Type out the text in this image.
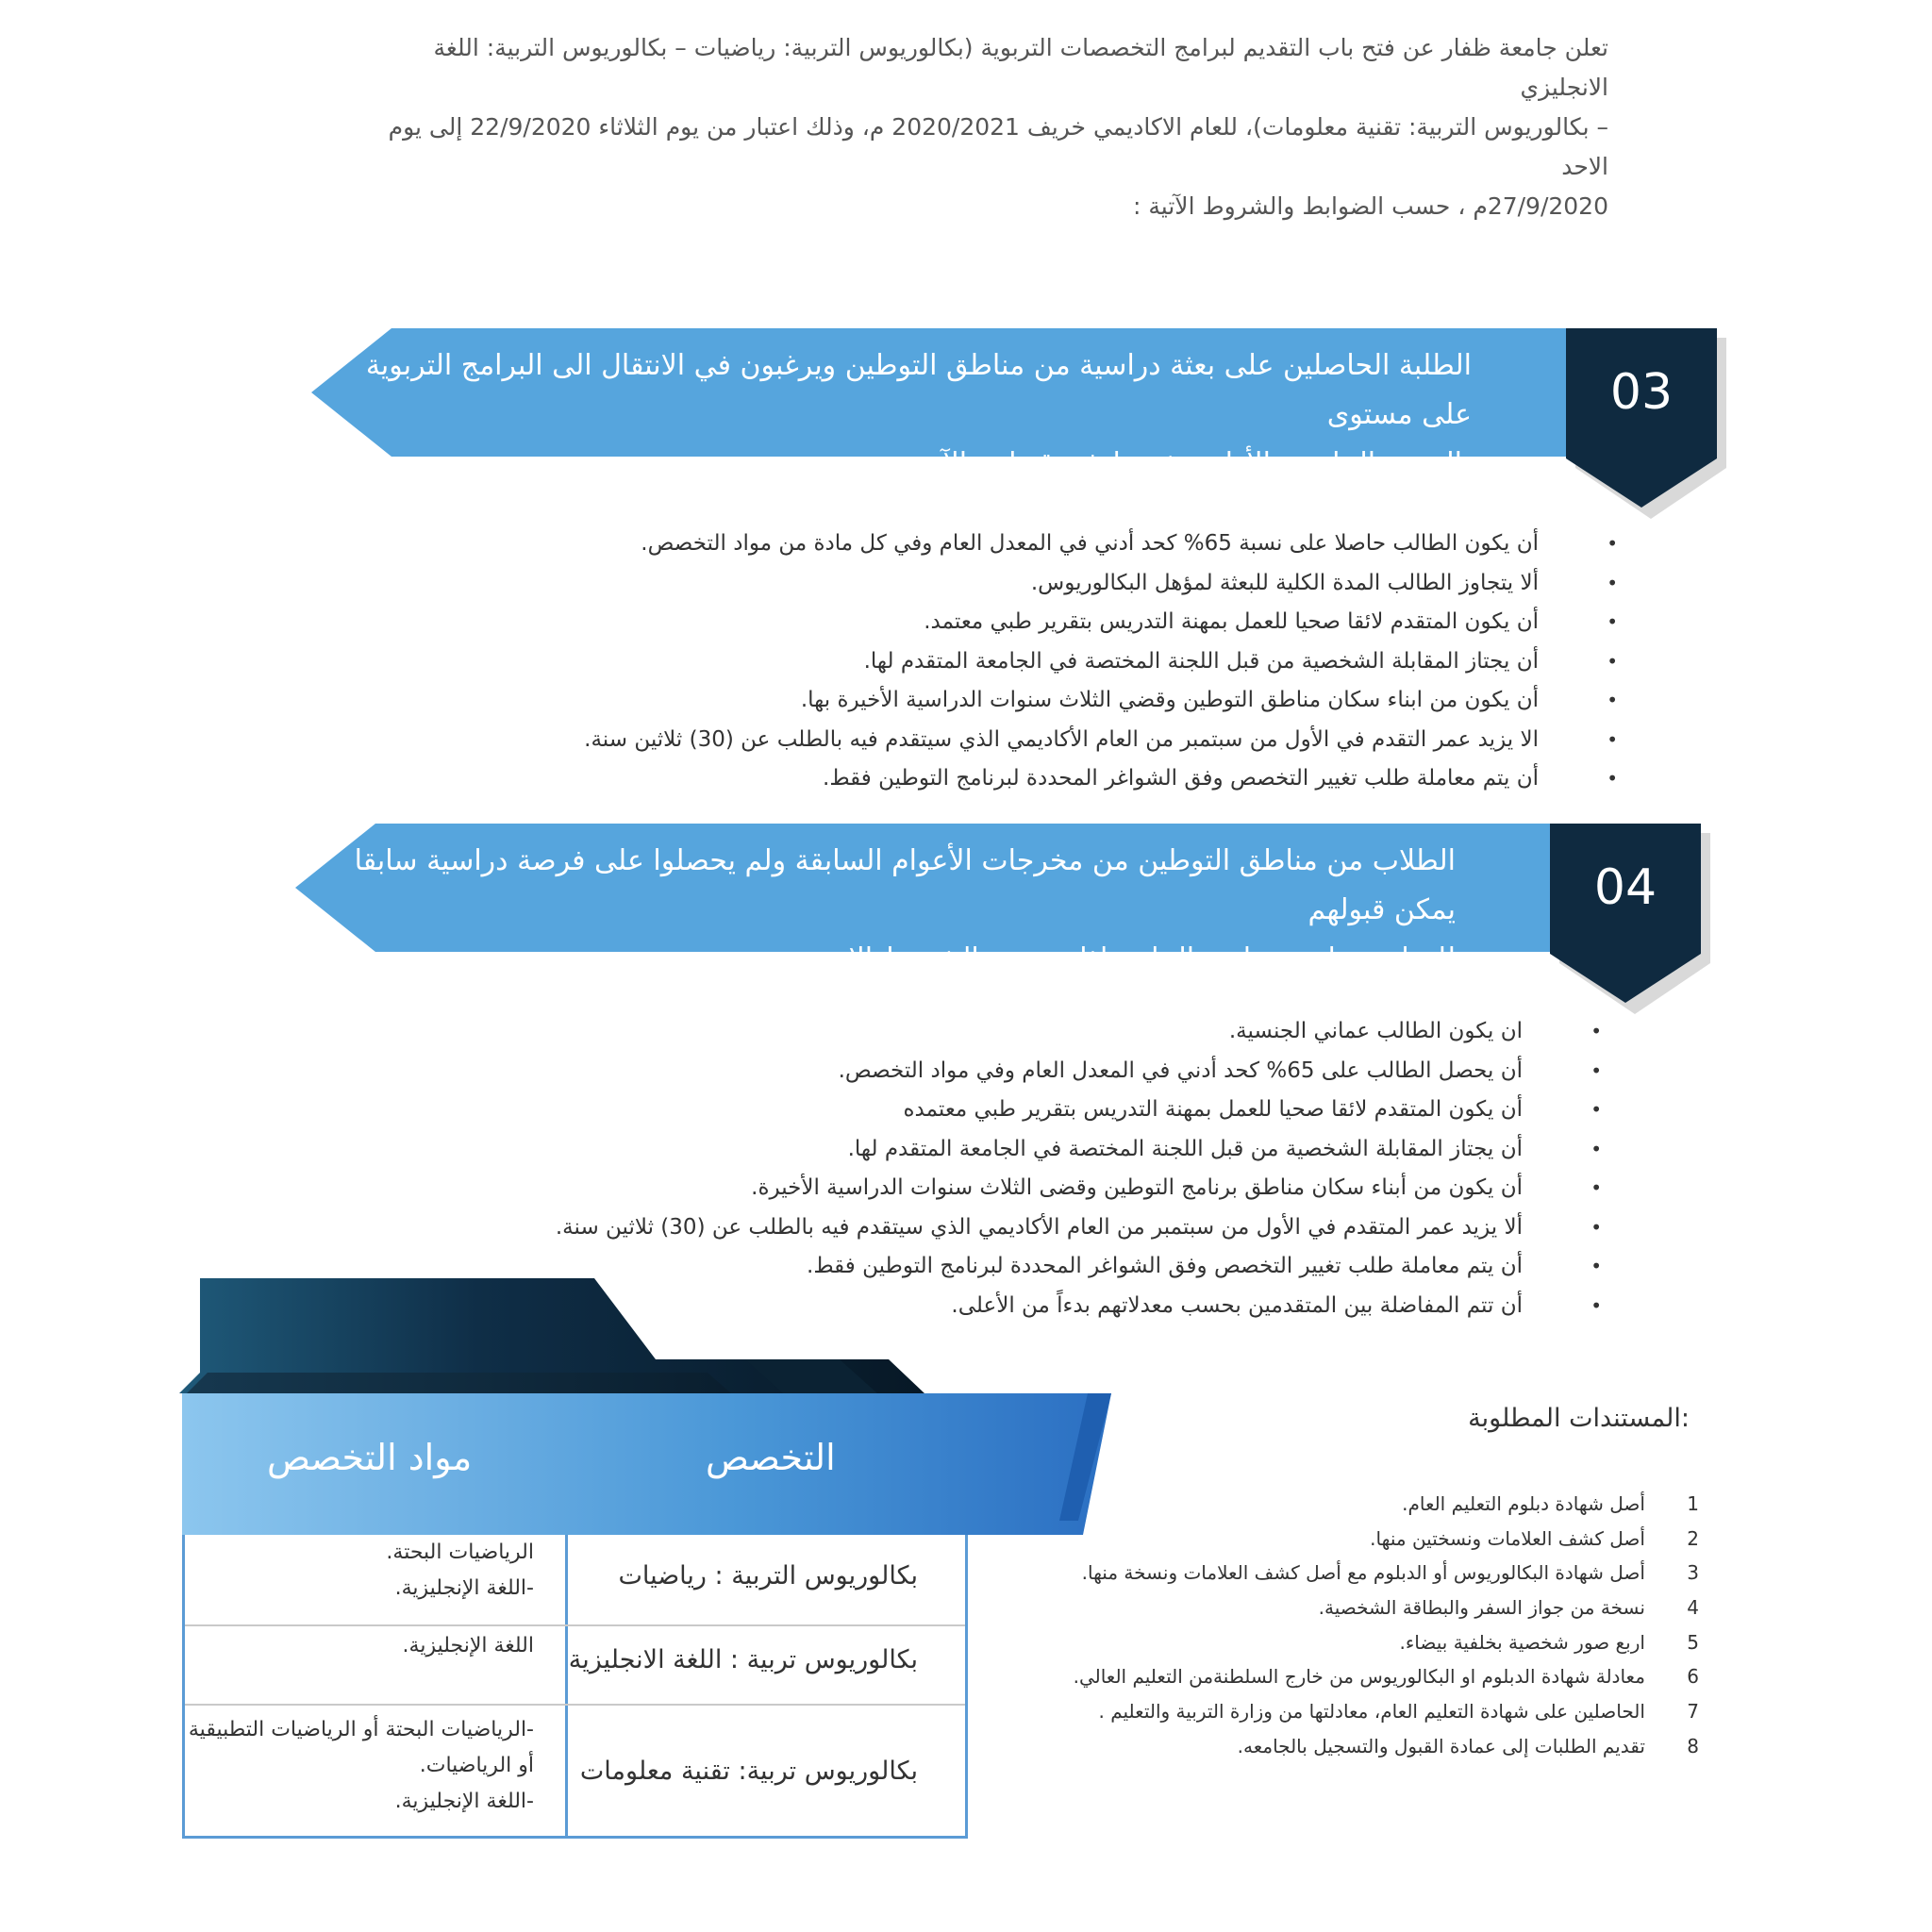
تعلن جامعة ظفار عن فتح باب التقديم لبرامج التخصصات التربوية (بكالوريوس التربية: رياضيات – بكالوريوس التربية: اللغة الانجليزي

– بكالوريوس التربية: تقنية معلومات)، للعام الاكاديمي خريف 2020/2021 م، وذلك اعتبار من يوم الثلاثاء 22/9/2020 إلى يوم الاحد

27/9/2020م ، حسب الضوابط والشروط الآتية :

الطلبة الحاصلين على بعثة دراسية من مناطق التوطين ويرغبون في الانتقال الى البرامج التربوية على مستوى
الدرجة الجامعية الأولى يشترط في قبولهم الآتي :
03
•
أن يكون الطالب حاصلا على نسبة 65% كحد أدني في المعدل العام وفي كل مادة من مواد التخصص.
•
ألا يتجاوز الطالب المدة الكلية للبعثة لمؤهل البكالوريوس.
•
أن يكون المتقدم لائقا صحيا للعمل بمهنة التدريس بتقرير طبي معتمد.
•
أن يجتاز المقابلة الشخصية من قبل اللجنة المختصة في الجامعة المتقدم لها.
•
أن يكون من ابناء سكان مناطق التوطين وقضي الثلاث سنوات الدراسية الأخيرة بها.
•
الا يزيد عمر التقدم في الأول من سبتمبر من العام الأكاديمي الذي سيتقدم فيه بالطلب عن (30) ثلاثين سنة.
•
أن يتم معاملة طلب تغيير التخصص وفق الشواغر المحددة لبرنامج التوطين فقط.
الطلاب من مناطق التوطين من مخرجات الأعوام السابقة ولم يحصلوا على فرصة دراسية سابقا يمكن قبولهم
للدراسة على حسابهم الخاص إذا تحققت الشروط الاتية :
04
•
ان يكون الطالب عماني الجنسية.
•
أن يحصل الطالب على 65% كحد أدني في المعدل العام وفي مواد التخصص.
•
أن يكون المتقدم لائقا صحيا للعمل بمهنة التدريس بتقرير طبي معتمده
•
أن يجتاز المقابلة الشخصية من قبل اللجنة المختصة في الجامعة المتقدم لها.
•
أن يكون من أبناء سكان مناطق برنامج التوطين وقضى الثلاث سنوات الدراسية الأخيرة.
•
ألا يزيد عمر المتقدم في الأول من سبتمبر من العام الأكاديمي الذي سيتقدم فيه بالطلب عن (30) ثلاثين سنة.
•
أن يتم معاملة طلب تغيير التخصص وفق الشواغر المحددة لبرنامج التوطين فقط.
•
أن تتم المفاضلة بين المتقدمين بحسب معدلاتهم بدءاً من الأعلى.
المستندات المطلوبة:
1   أصل شهادة دبلوم التعليم العام.
2   أصل كشف العلامات ونسختين منها.
3   أصل شهادة البكالوريوس أو الدبلوم مع أصل كشف العلامات ونسخة منها.
4   نسخة من جواز السفر والبطاقة الشخصية.
5   اربع صور شخصية بخلفية بيضاء.
6   معادلة شهادة الدبلوم او البكالوريوس من خارج السلطنةمن التعليم العالي.
7   الحاصلين على شهادة التعليم العام، معادلتها من وزارة التربية والتعليم .
8   تقديم الطلبات إلى عمادة القبول والتسجيل بالجامعه.
التخصص
مواد التخصص
بكالوريوس التربية : رياضيات
الرياضيات البحتة.
-اللغة الإنجليزية.
بكالوريوس تربية : اللغة الانجليزية
اللغة الإنجليزية.
بكالوريوس تربية: تقنية معلومات
-الرياضيات البحتة أو الرياضيات التطبيقية
أو الرياضيات.
-اللغة الإنجليزية.
